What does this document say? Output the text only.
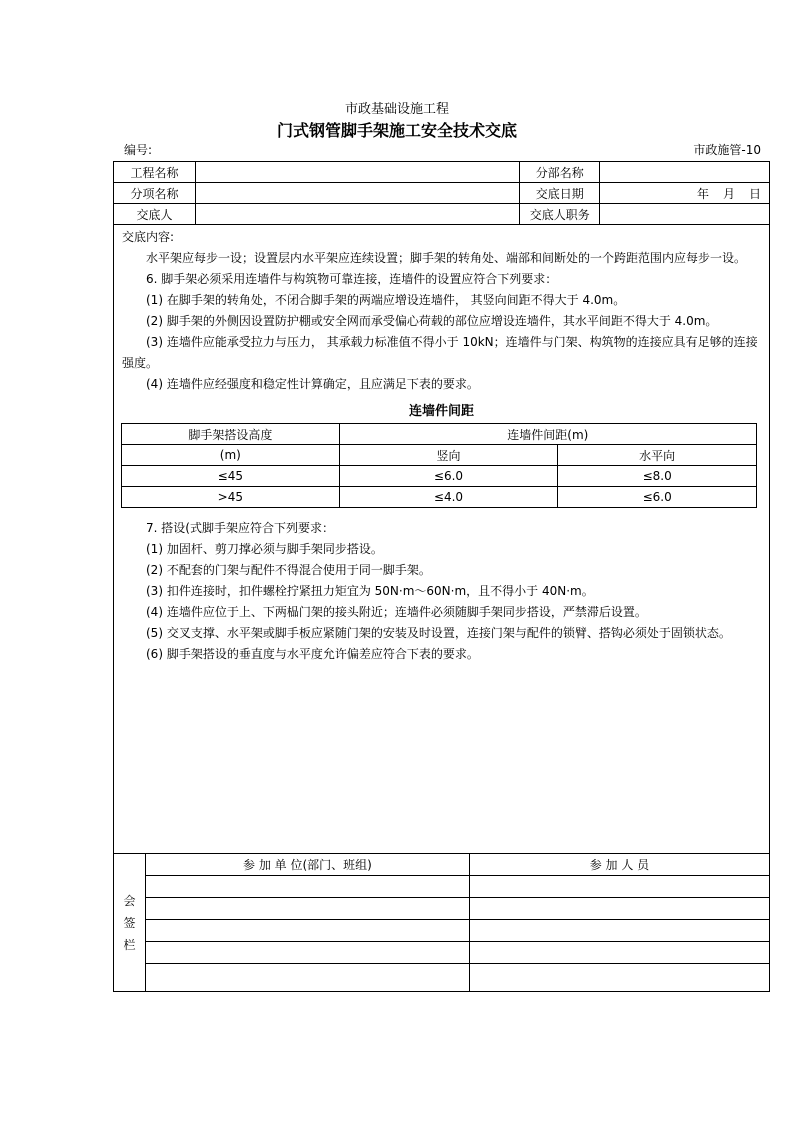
市政基础设施工程
门式钢管脚手架施工安全技术交底
编号:	市政施管-10
工程名称		分部名称	
分项名称		交底日期	年 月 日
交底人		交底人职务	

交底内容:

水平架应每步一设；设置层内水平架应连续设置；脚手架的转角处、端部和间断处的一个跨距范围内应每步一设。

6. 脚手架必须采用连墙件与构筑物可靠连接，连墙件的设置应符合下列要求：

(1) 在脚手架的转角处，不闭合脚手架的两端应增设连墙件， 其竖向间距不得大于 4.0m。

(2) 脚手架的外侧因设置防护棚或安全网而承受偏心荷载的部位应增设连墙件，其水平间距不得大于 4.0m。

(3) 连墙件应能承受拉力与压力， 其承载力标准值不得小于 10kN；连墙件与门架、构筑物的连接应具有足够的连接强度。

(4) 连墙件应经强度和稳定性计算确定，且应满足下表的要求。

连墙件间距
脚手架搭设高度	连墙件间距(m)	
(m)	竖向	水平向
≤45	≤6.0	≤8.0
>45	≤4.0	≤6.0

7. 搭设(式脚手架应符合下列要求：

(1) 加固杆、剪刀撑必须与脚手架同步搭设。

(2) 不配套的门架与配件不得混合使用于同一脚手架。

(3) 扣件连接时，扣件螺栓拧紧扭力矩宜为 50N·m～60N·m，且不得小于 40N·m。

(4) 连墙件应位于上、下两榀门架的接头附近；连墙件必须随脚手架同步搭设，严禁滞后设置。

(5) 交叉支撑、水平架或脚手板应紧随门架的安装及时设置，连接门架与配件的锁臂、搭钩必须处于固锁状态。

(6) 脚手架搭设的垂直度与水平度允许偏差应符合下表的要求。

会
签
栏	参 加 单 位(部门、班组)	参 加 人 员
